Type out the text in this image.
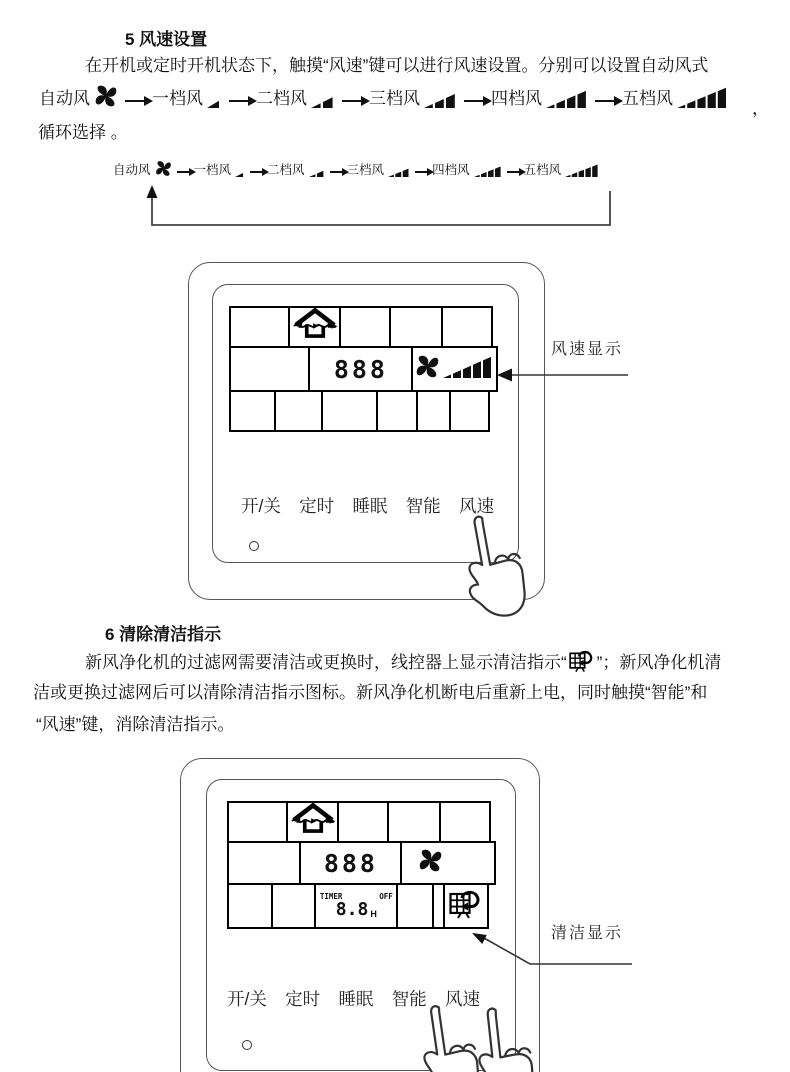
5 风速设置
在开机或定时开机状态下，触摸“风速”键可以进行风速设置。分别可以设置自动风式
自动风	一档风	二档风	三档风	四档风	五档风
，
循环选择 。
自动风	一档风	二档风	三档风	四档风	五档风
888
开/关 定时 睡眠 智能 风速
风速显示
6 清除清洁指示
新风净化机的过滤网需要清洁或更换时，线控器上显示清洁指示“ ”；新风净化机清
洁或更换过滤网后可以清除清洁指示图标。新风净化机断电后重新上电，同时触摸“智能”和
“风速”键，消除清洁指示。
888
TIMER	OFF
8.8 H
开/关 定时 睡眠 智能 风速
清洁显示
